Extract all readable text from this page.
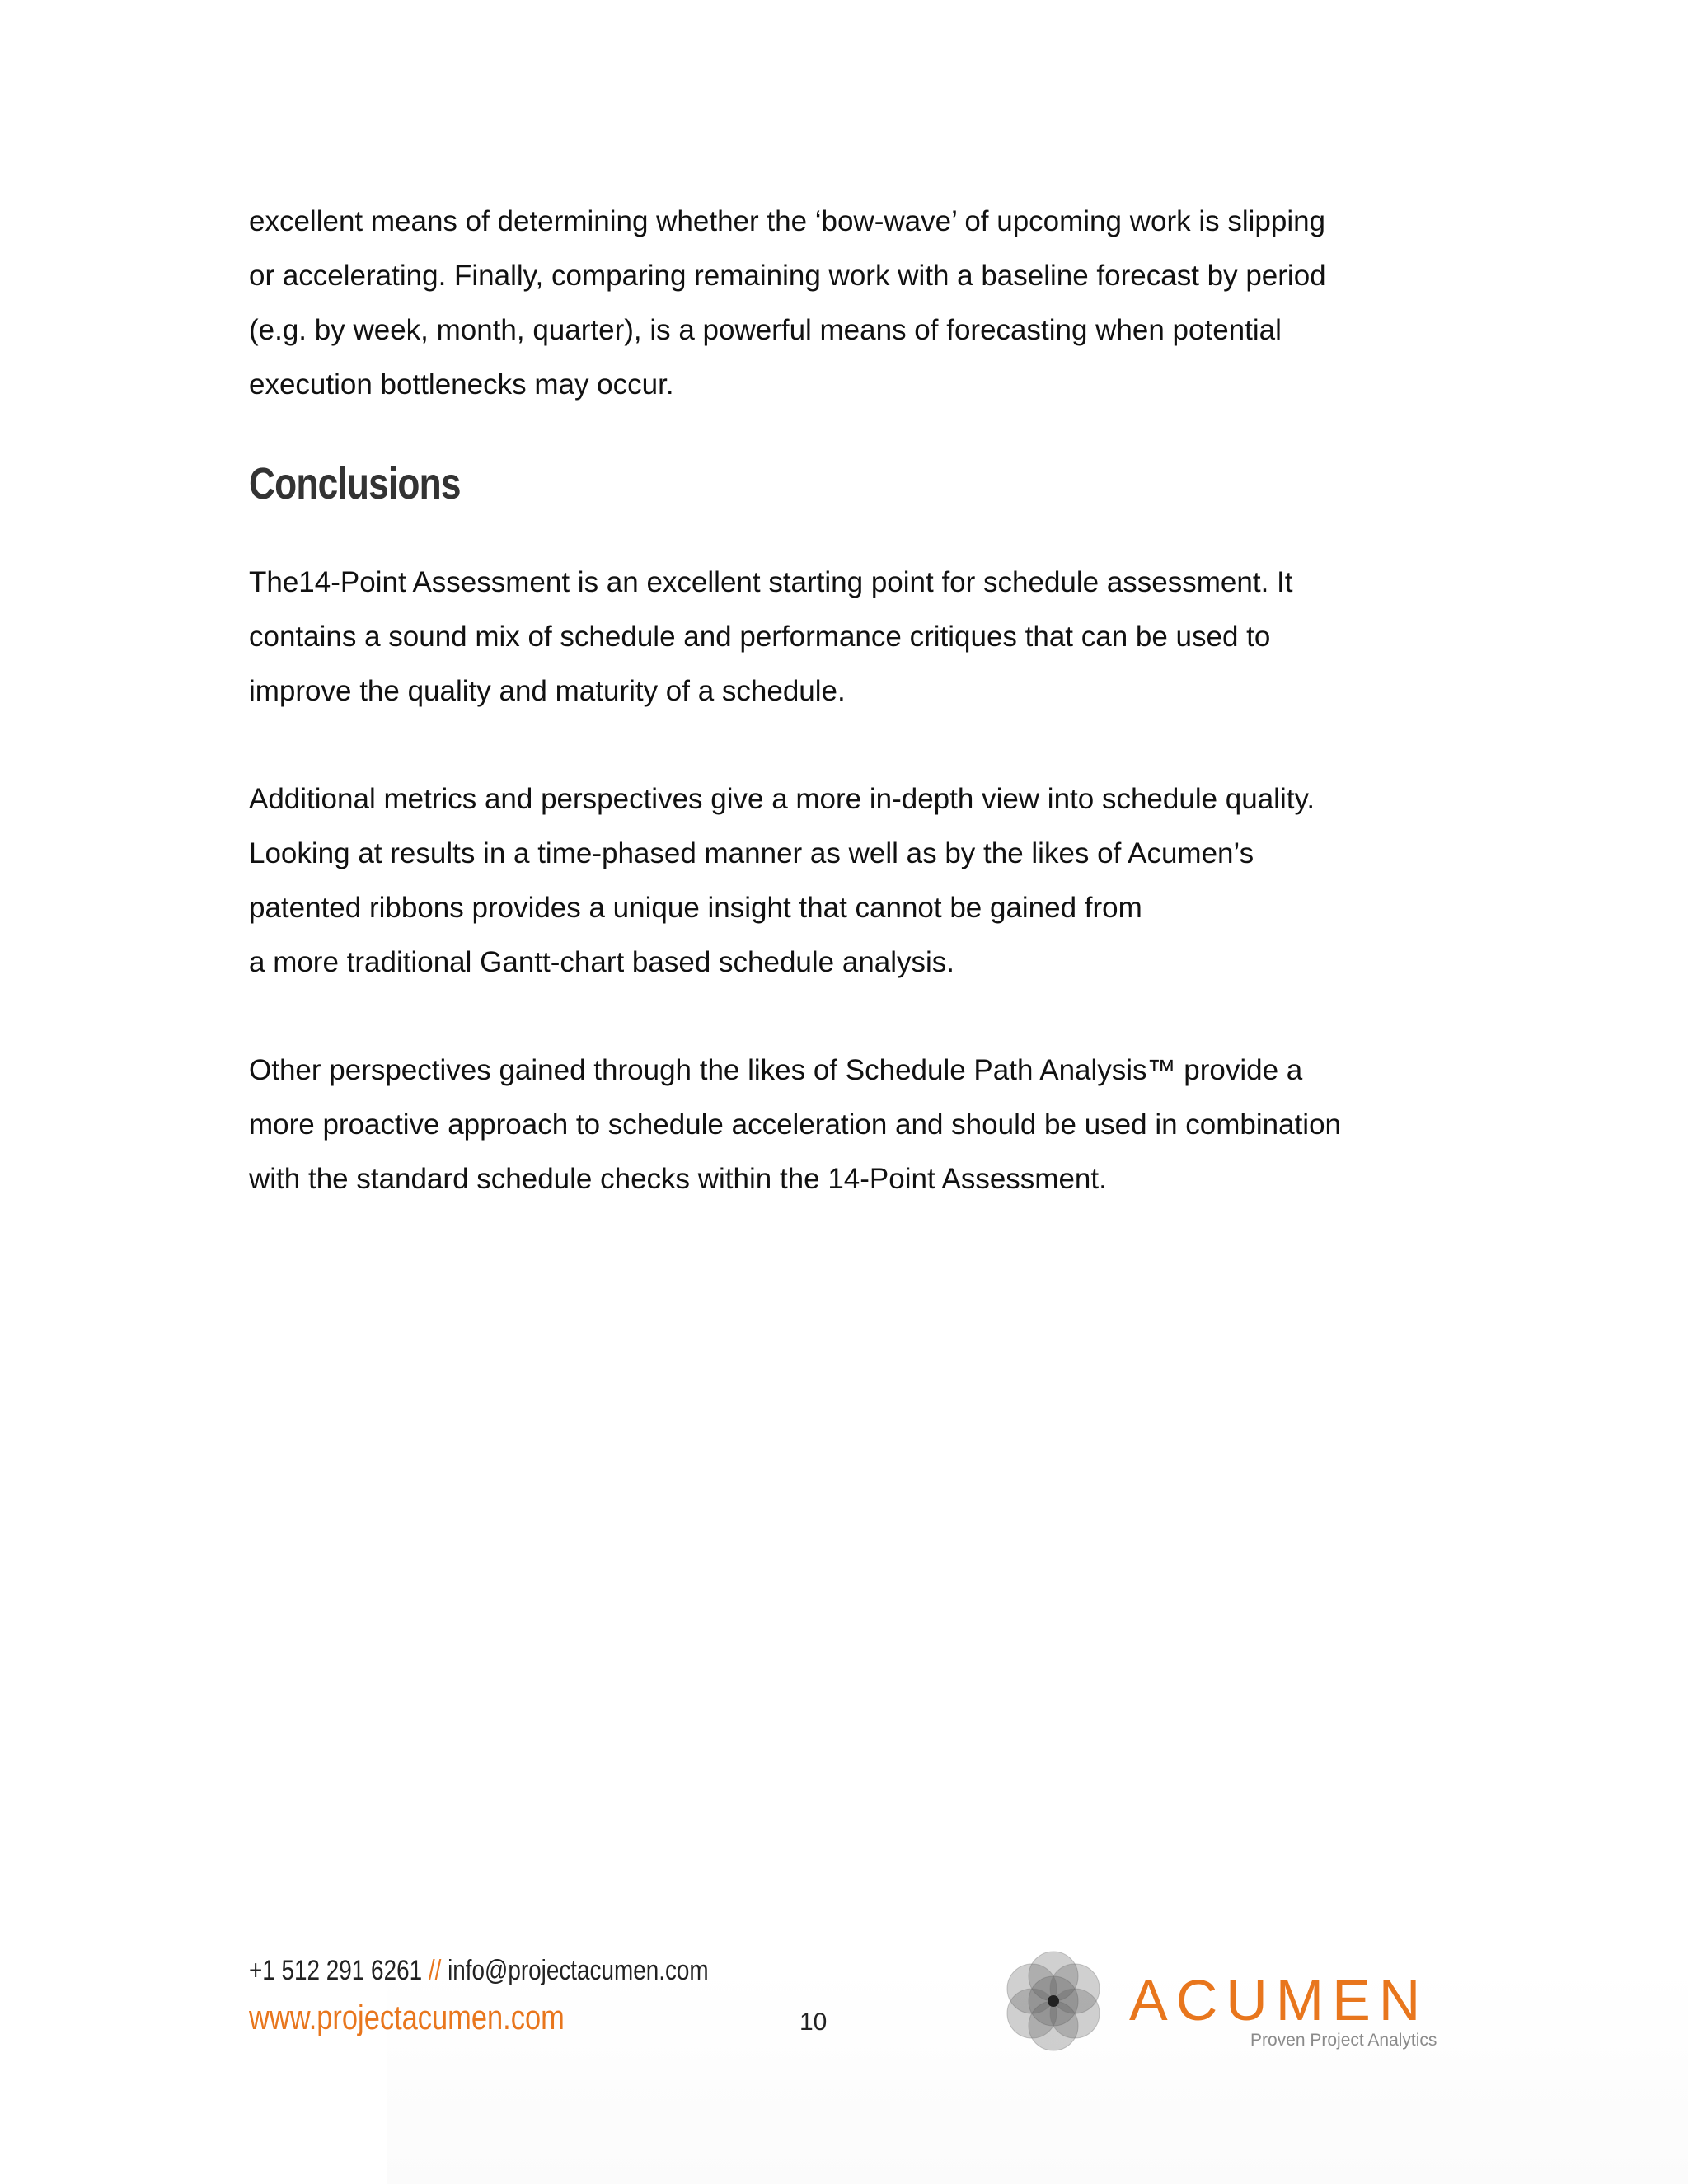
excellent means of determining whether the ‘bow-wave’ of upcoming work is slipping
or accelerating. Finally, comparing remaining work with a baseline forecast by period
(e.g. by week, month, quarter), is a powerful means of forecasting when potential
execution bottlenecks may occur.

Conclusions

The14-Point Assessment is an excellent starting point for schedule assessment. It
contains a sound mix of schedule and performance critiques that can be used to
improve the quality and maturity of a schedule.

Additional metrics and perspectives give a more in-depth view into schedule quality.
Looking at results in a time-phased manner as well as by the likes of Acumen’s
patented ribbons provides a unique insight that cannot be gained from
a more traditional Gantt-chart based schedule analysis.

Other perspectives gained through the likes of Schedule Path Analysis™ provide a
more proactive approach to schedule acceleration and should be used in combination
with the standard schedule checks within the 14-Point Assessment.

+1 512 291 6261 // info@projectacumen.com
www.projectacumen.com	10	ACUMEN
Proven Project Analytics
